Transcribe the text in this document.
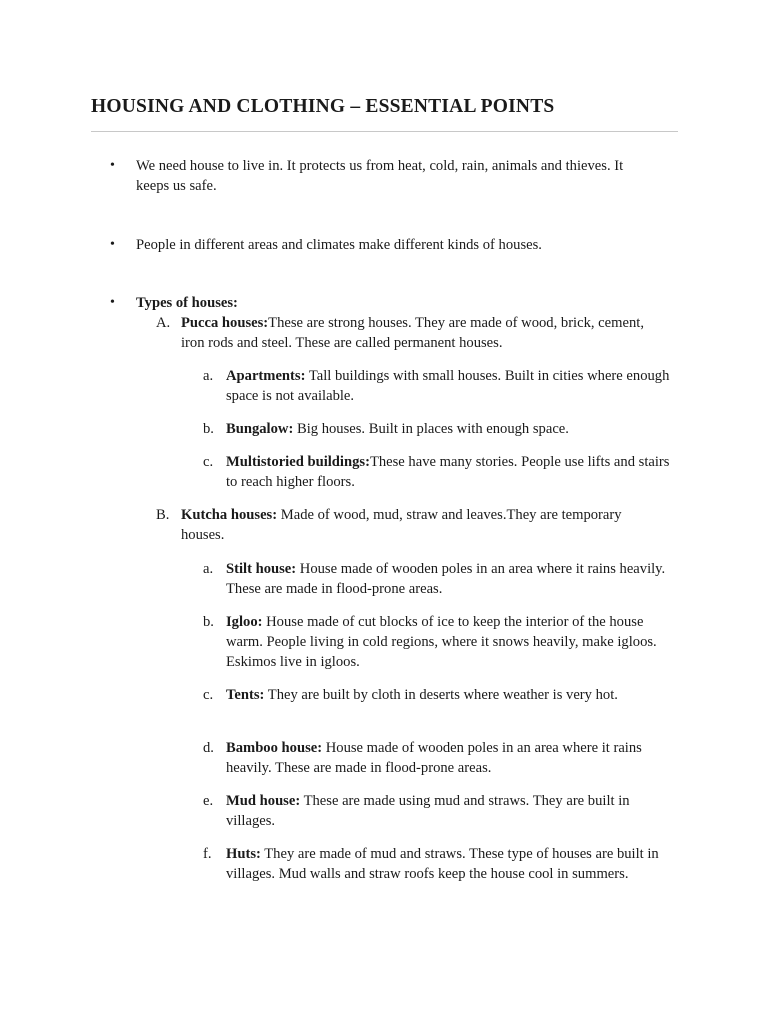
HOUSING AND CLOTHING – ESSENTIAL POINTS
•	We need house to live in. It protects us from heat, cold, rain, animals and thieves. It keeps us safe.
•	People in different areas and climates make different kinds of houses.
•	Types of houses:
A. Pucca houses:These are strong houses. They are made of wood, brick, cement, iron rods and steel. These are called permanent houses.
a. Apartments: Tall buildings with small houses. Built in cities where enough space is not available.
b. Bungalow: Big houses. Built in places with enough space.
c. Multistoried buildings:These have many stories. People use lifts and stairs to reach higher floors.
B. Kutcha houses: Made of wood, mud, straw and leaves.They are temporary houses.
a. Stilt house: House made of wooden poles in an area where it rains heavily. These are made in flood-prone areas.
b. Igloo: House made of cut blocks of ice to keep the interior of the house warm. People living in cold regions, where it snows heavily, make igloos. Eskimos live in igloos.
c. Tents: They are built by cloth in deserts where weather is very hot.
d. Bamboo house: House made of wooden poles in an area where it rains heavily. These are made in flood-prone areas.
e. Mud house: These are made using mud and straws. They are built in villages.
f. Huts: They are made of mud and straws. These type of houses are built in villages. Mud walls and straw roofs keep the house cool in summers.
